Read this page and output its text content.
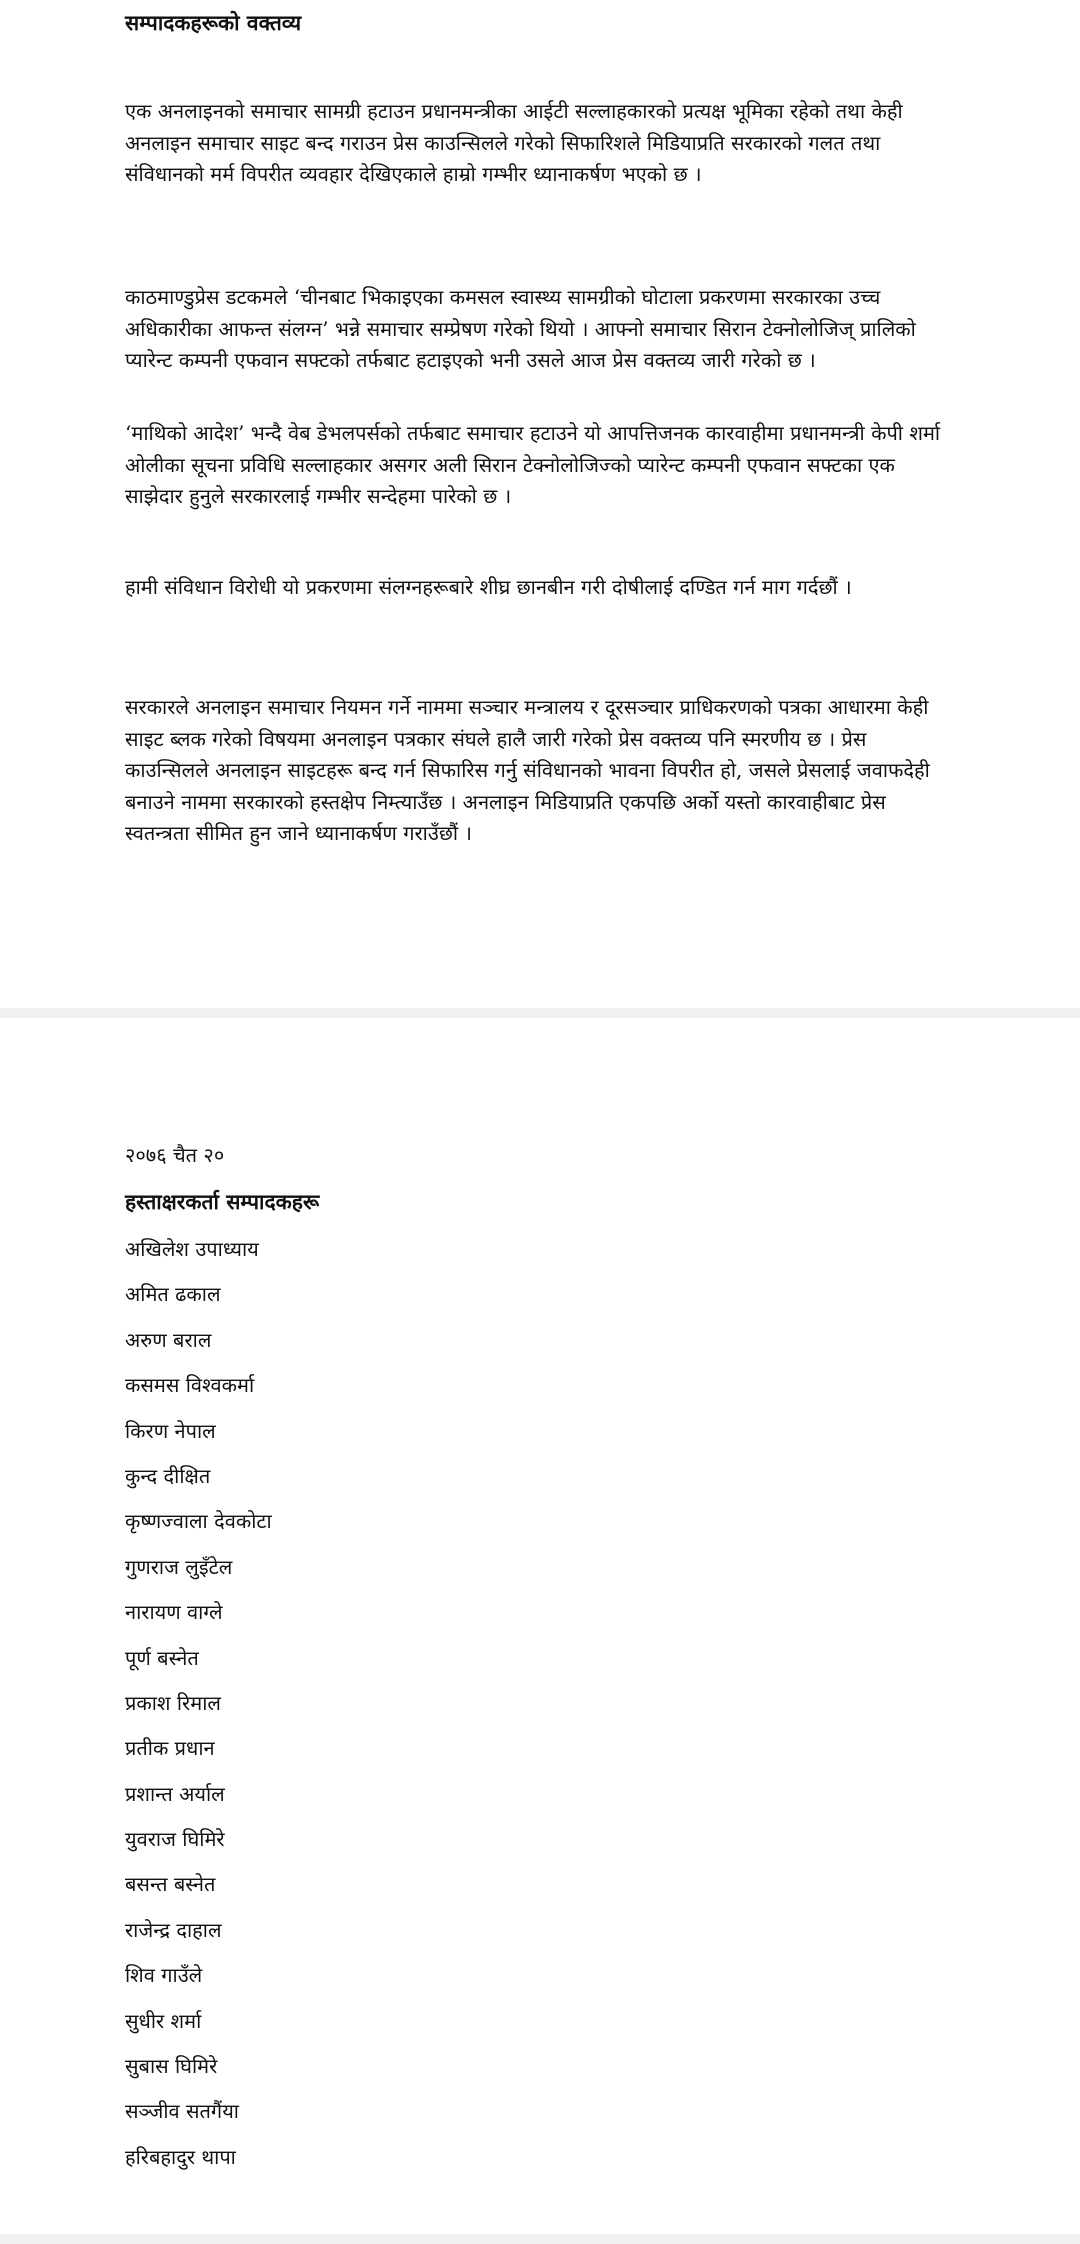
सम्पादकहरूको वक्तव्य

एक अनलाइनको समाचार सामग्री हटाउन प्रधानमन्त्रीका आईटी सल्लाहकारको प्रत्यक्ष भूमिका रहेको तथा केही अनलाइन समाचार साइट बन्द गराउन प्रेस काउन्सिलले गरेको सिफारिशले मिडियाप्रति सरकारको गलत तथा संविधानको मर्म विपरीत व्यवहार देखिएकाले हाम्रो गम्भीर ध्यानाकर्षण भएको छ ।

काठमाण्डुप्रेस डटकमले ‘चीनबाट भिकाइएका कमसल स्वास्थ्य सामग्रीको घोटाला प्रकरणमा सरकारका उच्च अधिकारीका आफन्त संलग्न’ भन्ने समाचार सम्प्रेषण गरेको थियो । आफ्नो समाचार सिरान टेक्नोलोजिज् प्रालिको प्यारेन्ट कम्पनी एफवान सफ्टको तर्फबाट हटाइएको भनी उसले आज प्रेस वक्तव्य जारी गरेको छ ।

‘माथिको आदेश’ भन्दै वेब डेभलपर्सको तर्फबाट समाचार हटाउने यो आपत्तिजनक कारवाहीमा प्रधानमन्त्री केपी शर्मा ओलीका सूचना प्रविधि सल्लाहकार असगर अली सिरान टेक्नोलोजिज्को प्यारेन्ट कम्पनी एफवान सफ्टका एक साझेदार हुनुले सरकारलाई गम्भीर सन्देहमा पारेको छ ।

हामी संविधान विरोधी यो प्रकरणमा संलग्नहरूबारे शीघ्र छानबीन गरी दोषीलाई दण्डित गर्न माग गर्दछौं ।

सरकारले अनलाइन समाचार नियमन गर्ने नाममा सञ्चार मन्त्रालय र दूरसञ्चार प्राधिकरणको पत्रका आधारमा केही साइट ब्लक गरेको विषयमा अनलाइन पत्रकार संघले हालै जारी गरेको प्रेस वक्तव्य पनि स्मरणीय छ । प्रेस काउन्सिलले अनलाइन साइटहरू बन्द गर्न सिफारिस गर्नु संविधानको भावना विपरीत हो, जसले प्रेसलाई जवाफदेही बनाउने नाममा सरकारको हस्तक्षेप निम्त्याउँछ । अनलाइन मिडियाप्रति एकपछि अर्को यस्तो कारवाहीबाट प्रेस स्वतन्त्रता सीमित हुन जाने ध्यानाकर्षण गराउँछौं ।

२०७६ चैत २०

हस्ताक्षरकर्ता सम्पादकहरू
अखिलेश उपाध्याय
अमित ढकाल
अरुण बराल
कसमस विश्वकर्मा
किरण नेपाल
कुन्द दीक्षित
कृष्णज्वाला देवकोटा
गुणराज लुइँटेल
नारायण वाग्ले
पूर्ण बस्नेत
प्रकाश रिमाल
प्रतीक प्रधान
प्रशान्त अर्याल
युवराज घिमिरे
बसन्त बस्नेत
राजेन्द्र दाहाल
शिव गाउँले
सुधीर शर्मा
सुबास घिमिरे
सञ्जीव सतगैंया
हरिबहादुर थापा
